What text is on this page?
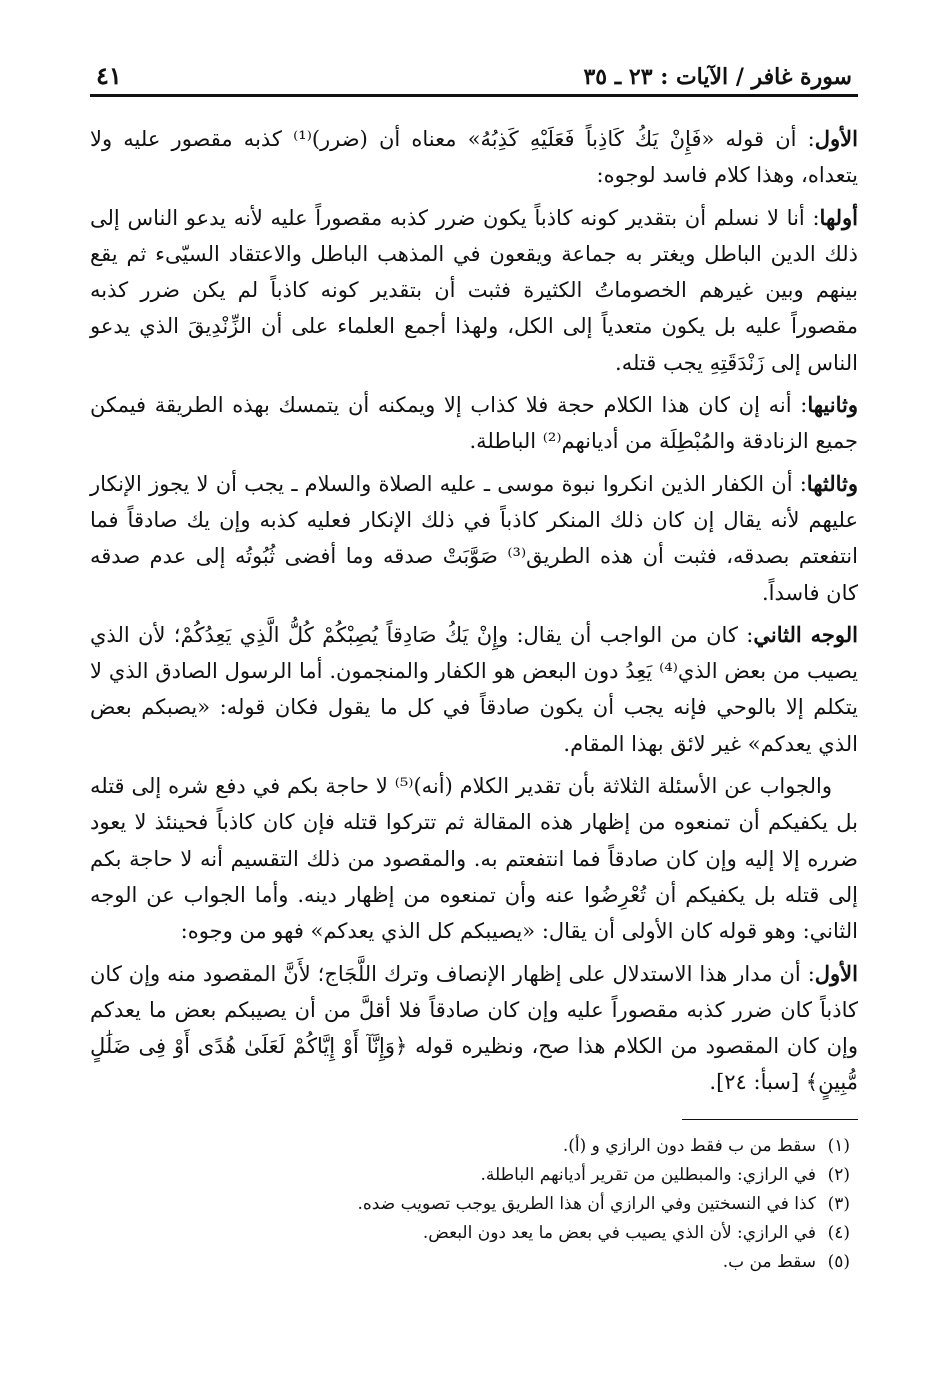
سورة غافر / الآيات : ٢٣ ـ ٣٥
٤١

الأول: أن قوله «فَإِنْ يَكُ كَاذِباً فَعَلَيْهِ كَذِبُهُ» معناه أن (ضرر)⁽¹⁾ كذبه مقصور عليه ولا يتعداه، وهذا كلام فاسد لوجوه:

أولها: أنا لا نسلم أن بتقدير كونه كاذباً يكون ضرر كذبه مقصوراً عليه لأنه يدعو الناس إلى ذلك الدين الباطل ويغتر به جماعة ويقعون في المذهب الباطل والاعتقاد السيّىء ثم يقع بينهم وبين غيرهم الخصوماتُ الكثيرة فثبت أن بتقدير كونه كاذباً لم يكن ضرر كذبه مقصوراً عليه بل يكون متعدياً إلى الكل، ولهذا أجمع العلماء على أن الزِّنْدِيقَ الذي يدعو الناس إلى زَنْدَقَتِهِ يجب قتله.

وثانيها: أنه إن كان هذا الكلام حجة فلا كذاب إلا ويمكنه أن يتمسك بهذه الطريقة فيمكن جميع الزنادقة والمُبْطِلَة من أديانهم⁽²⁾ الباطلة.

وثالثها: أن الكفار الذين انكروا نبوة موسى ـ عليه الصلاة والسلام ـ يجب أن لا يجوز الإنكار عليهم لأنه يقال إن كان ذلك المنكر كاذباً في ذلك الإنكار فعليه كذبه وإن يك صادقاً فما انتفعتم بصدقه، فثبت أن هذه الطريق⁽³⁾ صَوَّبَتْ صدقه وما أفضى ثُبُوتُه إلى عدم صدقه كان فاسداً.

الوجه الثاني: كان من الواجب أن يقال: وإِنْ يَكُ صَادِقاً يُصِبْكُمْ كُلُّ الَّذِي يَعِدُكُمْ؛ لأن الذي يصيب من بعض الذي⁽⁴⁾ يَعِدُ دون البعض هو الكفار والمنجمون. أما الرسول الصادق الذي لا يتكلم إلا بالوحي فإنه يجب أن يكون صادقاً في كل ما يقول فكان قوله: «يصبكم بعض الذي يعدكم» غير لائق بهذا المقام.

والجواب عن الأسئلة الثلاثة بأن تقدير الكلام (أنه)⁽⁵⁾ لا حاجة بكم في دفع شره إلى قتله بل يكفيكم أن تمنعوه من إظهار هذه المقالة ثم تتركوا قتله فإن كان كاذباً فحينئذ لا يعود ضرره إلا إليه وإن كان صادقاً فما انتفعتم به. والمقصود من ذلك التقسيم أنه لا حاجة بكم إلى قتله بل يكفيكم أن تُعْرِضُوا عنه وأن تمنعوه من إظهار دينه. وأما الجواب عن الوجه الثاني: وهو قوله كان الأولى أن يقال: «يصيبكم كل الذي يعدكم» فهو من وجوه:

الأول: أن مدار هذا الاستدلال على إظهار الإنصاف وترك اللَّجَاج؛ لأَنَّ المقصود منه وإن كان كاذباً كان ضرر كذبه مقصوراً عليه وإن كان صادقاً فلا أقلَّ من أن يصيبكم بعض ما يعدكم وإن كان المقصود من الكلام هذا صح، ونظيره قوله ﴿وَإِنَّآ أَوْ إِيَّاكُمْ لَعَلَىٰ هُدًى أَوْ فِى ضَلَٰلٍ مُّبِينٍ﴾ [سبأ: ٢٤].

(١)سقط من ب فقط دون الرازي و (أ).

(٢)في الرازي: والمبطلين من تقرير أديانهم الباطلة.

(٣)كذا في النسختين وفي الرازي أن هذا الطريق يوجب تصويب ضده.

(٤)في الرازي: لأن الذي يصيب في بعض ما يعد دون البعض.

(٥)سقط من ب.
